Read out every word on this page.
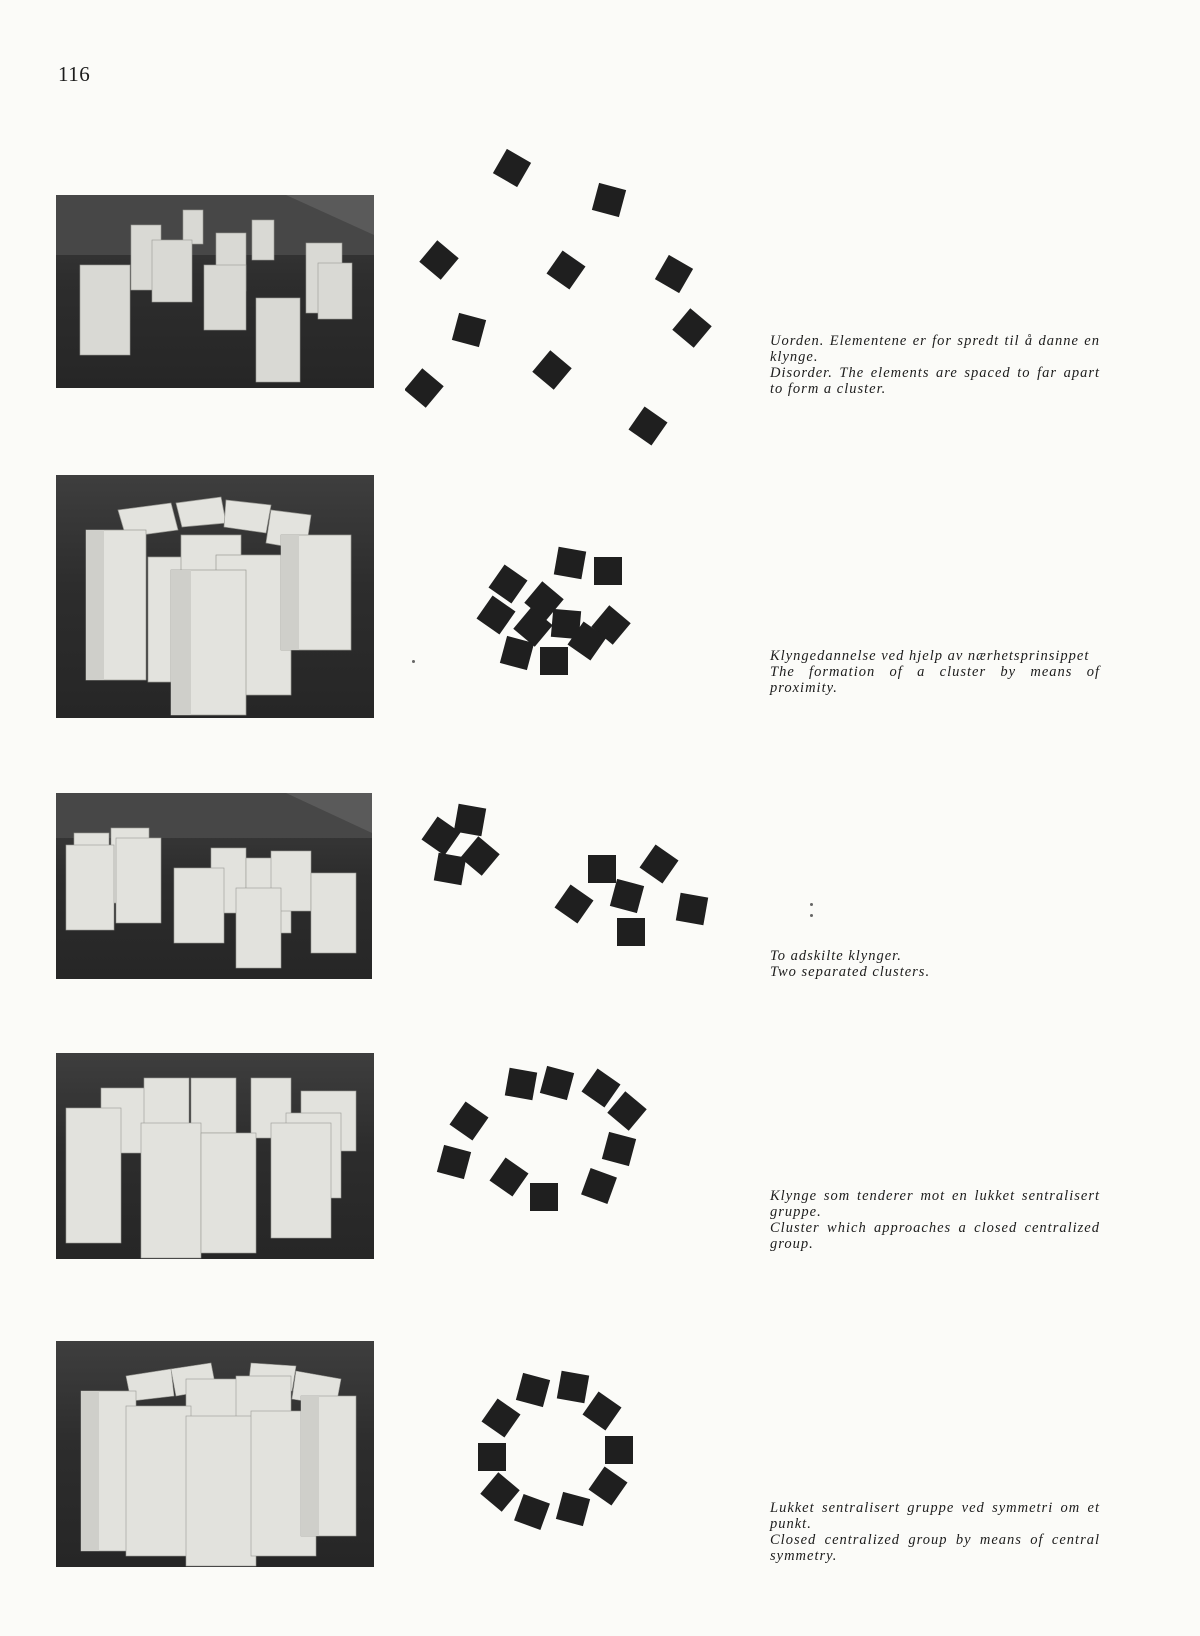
116

Uorden. Elementene er for spredt til å danne en klynge.

Disorder. The elements are spaced to far apart to form a cluster.

Klyngedannelse ved hjelp av nærhetsprinsippet

The formation of a cluster by means of proximity.

To adskilte klynger.

Two separated clusters.

Klynge som tenderer mot en lukket sentralisert gruppe.

Cluster which approaches a closed centralized group.

Lukket sentralisert gruppe ved symmetri om et punkt.

Closed centralized group by means of central symmetry.
